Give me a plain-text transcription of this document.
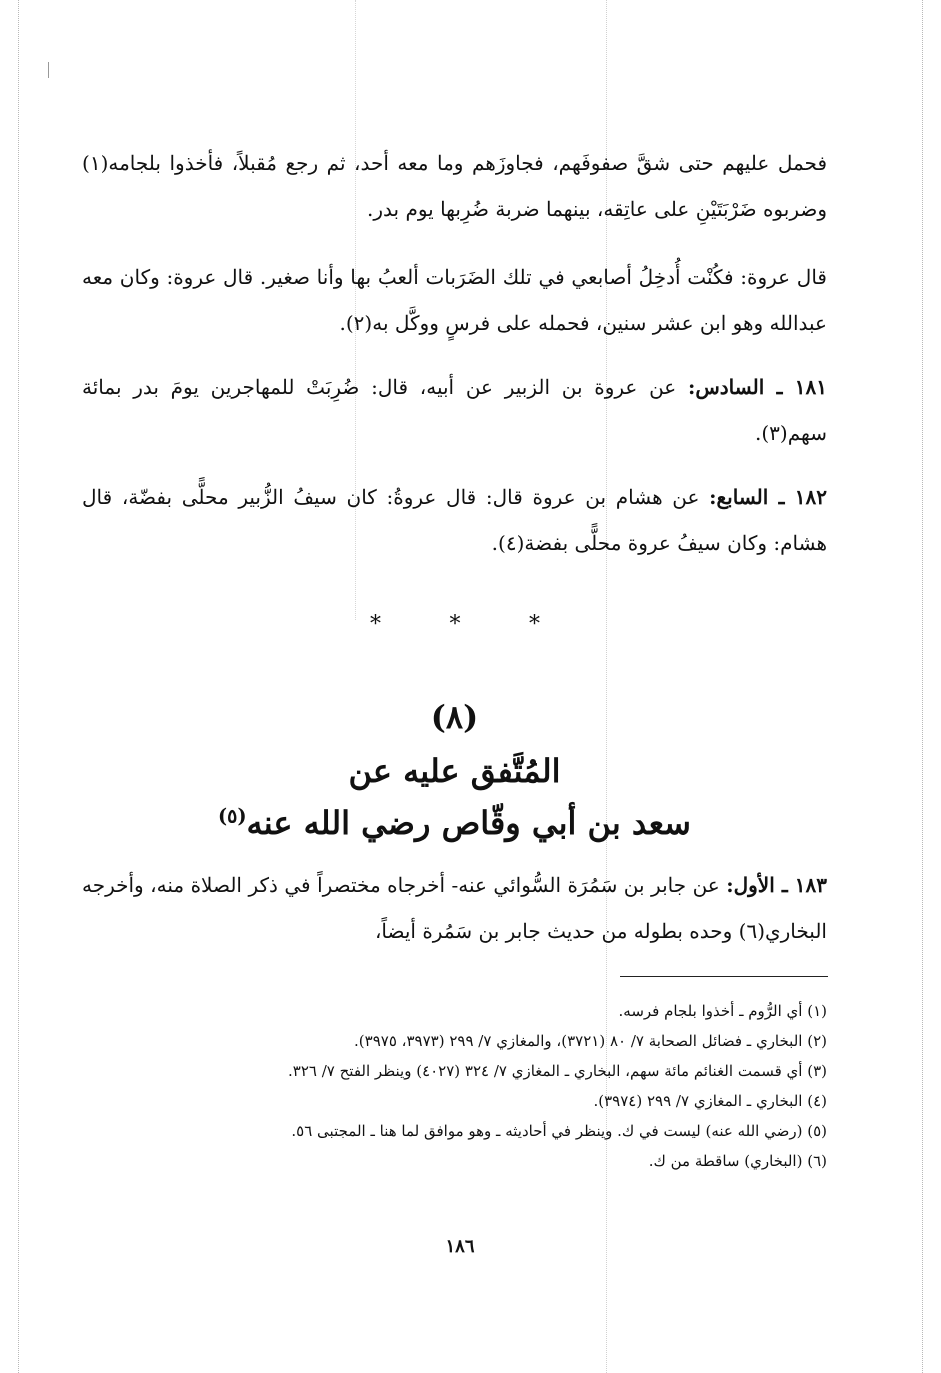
فحمل عليهم حتى شقَّ صفوفَهم، فجاوزَهم وما معه أحد، ثم رجع مُقبلاً، فأخذوا بلجامه(١) وضربوه ضَرْبَتَيْنِ على عاتِقه، بينهما ضربة ضُرِبها يوم بدر.

قال عروة: فكُنْت أُدخِلُ أصابعي في تلك الضَرَبات ألعبُ بها وأنا صغير. قال عروة: وكان معه عبدالله وهو ابن عشر سنين، فحمله على فرسٍ ووكَّل به(٢).

١٨١ ـ السادس: عن عروة بن الزبير عن أبيه، قال: ضُرِبَتْ للمهاجرين يومَ بدر بمائة سهم(٣).

١٨٢ ـ السابع: عن هشام بن عروة قال: قال عروةُ: كان سيفُ الزُّبير محلًّى بفضّة، قال هشام: وكان سيفُ عروة محلًّى بفضة(٤).

*	*	*
(٨)
المُتَّفق عليه عن
سعد بن أبي وقّاص رضي الله عنه$^{(٥)}$

١٨٣ ـ الأول: عن جابر بن سَمُرَة السُّوائي عنه- أخرجاه مختصراً في ذكر الصلاة منه، وأخرجه البخاري(٦) وحده بطوله من حديث جابر بن سَمُرة أيضاً،

(١) أي الرُّوم ـ أخذوا بلجام فرسه.

(٢) البخاري ـ فضائل الصحابة ٧/ ٨٠ (٣٧٢١)، والمغازي ٧/ ٢٩٩ (٣٩٧٣، ٣٩٧٥).

(٣) أي قسمت الغنائم مائة سهم، البخاري ـ المغازي ٧/ ٣٢٤ (٤٠٢٧) وينظر الفتح ٧/ ٣٢٦.

(٤) البخاري ـ المغازي ٧/ ٢٩٩ (٣٩٧٤).

(٥) (رضي الله عنه) ليست في ك. وينظر في أحاديثه ـ وهو موافق لما هنا ـ المجتبى ٥٦.

(٦) (البخاري) ساقطة من ك.

١٨٦
